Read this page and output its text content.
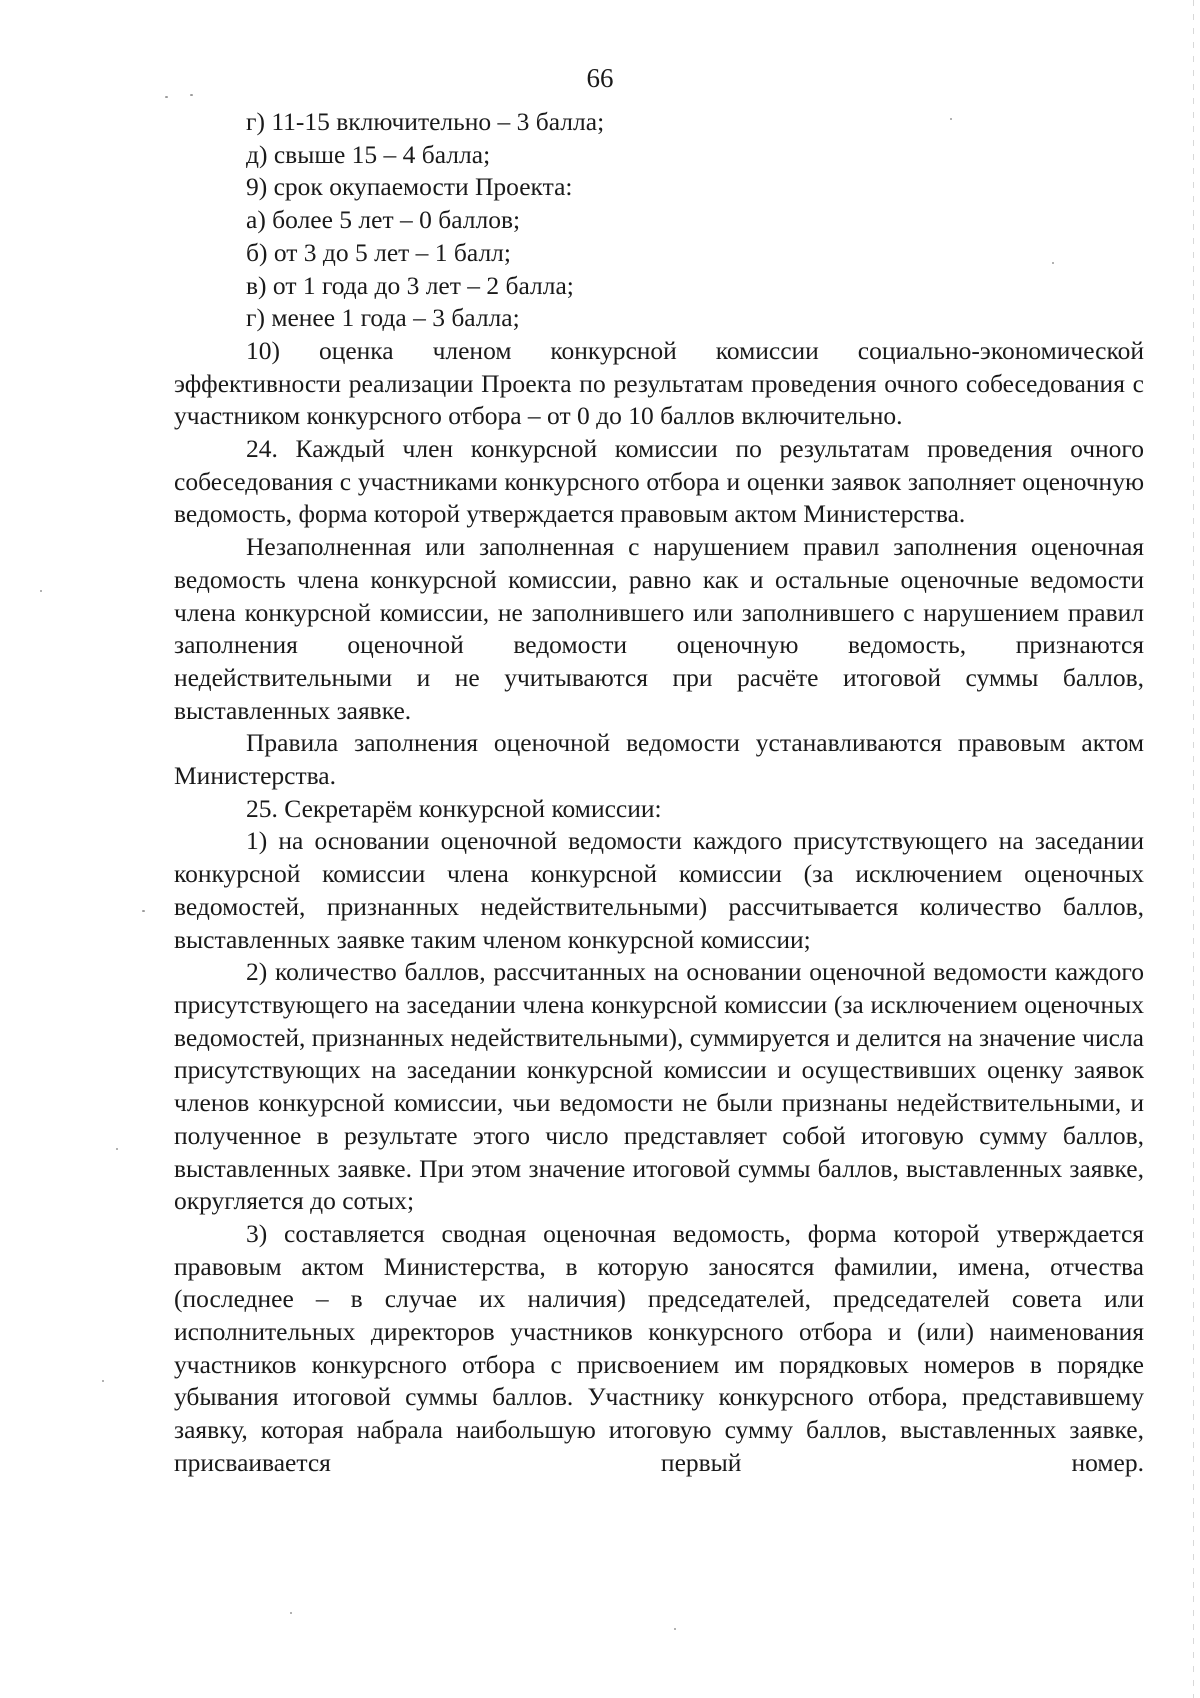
66

г) 11-15 включительно – 3 балла;

д) свыше 15 – 4 балла;

9) срок окупаемости Проекта:

а) более 5 лет – 0 баллов;

б) от 3 до 5 лет – 1 балл;

в) от 1 года до 3 лет – 2 балла;

г) менее 1 года – 3 балла;

10) оценка членом конкурсной комиссии социально-экономической эффективности реализации Проекта по результатам проведения очного собеседования с участником конкурсного отбора – от 0 до 10 баллов включительно.

24. Каждый член конкурсной комиссии по результатам проведения очного собеседования с участниками конкурсного отбора и оценки заявок заполняет оценочную ведомость, форма которой утверждается правовым актом Министерства.

Незаполненная или заполненная с нарушением правил заполнения оценочная ведомость члена конкурсной комиссии, равно как и остальные оценочные ведомости члена конкурсной комиссии, не заполнившего или заполнившего с нарушением правил заполнения оценочной ведомости оценочную ведомость, признаются недействительными и не учитываются при расчёте итоговой суммы баллов, выставленных заявке.

Правила заполнения оценочной ведомости устанавливаются правовым актом Министерства.

25. Секретарём конкурсной комиссии:

1) на основании оценочной ведомости каждого присутствующего на заседании конкурсной комиссии члена конкурсной комиссии (за исключением оценочных ведомостей, признанных недействительными) рассчитывается количество баллов, выставленных заявке таким членом конкурсной комиссии;

2) количество баллов, рассчитанных на основании оценочной ведомости каждого присутствующего на заседании члена конкурсной комиссии (за исключением оценочных ведомостей, признанных недействительными), суммируется и делится на значение числа присутствующих на заседании конкурсной комиссии и осуществивших оценку заявок членов конкурсной комиссии, чьи ведомости не были признаны недействительными, и полученное в результате этого число представляет собой итоговую сумму баллов, выставленных заявке. При этом значение итоговой суммы баллов, выставленных заявке, округляется до сотых;

3) составляется сводная оценочная ведомость, форма которой утверждается правовым актом Министерства, в которую заносятся фамилии, имена, отчества (последнее – в случае их наличия) председателей, председателей совета или исполнительных директоров участников конкурсного отбора и (или) наименования участников конкурсного отбора с присвоением им порядковых номеров в порядке убывания итоговой суммы баллов. Участнику конкурсного отбора, представившему заявку, которая набрала наибольшую итоговую сумму баллов, выставленных заявке, присваивается первый номер.
